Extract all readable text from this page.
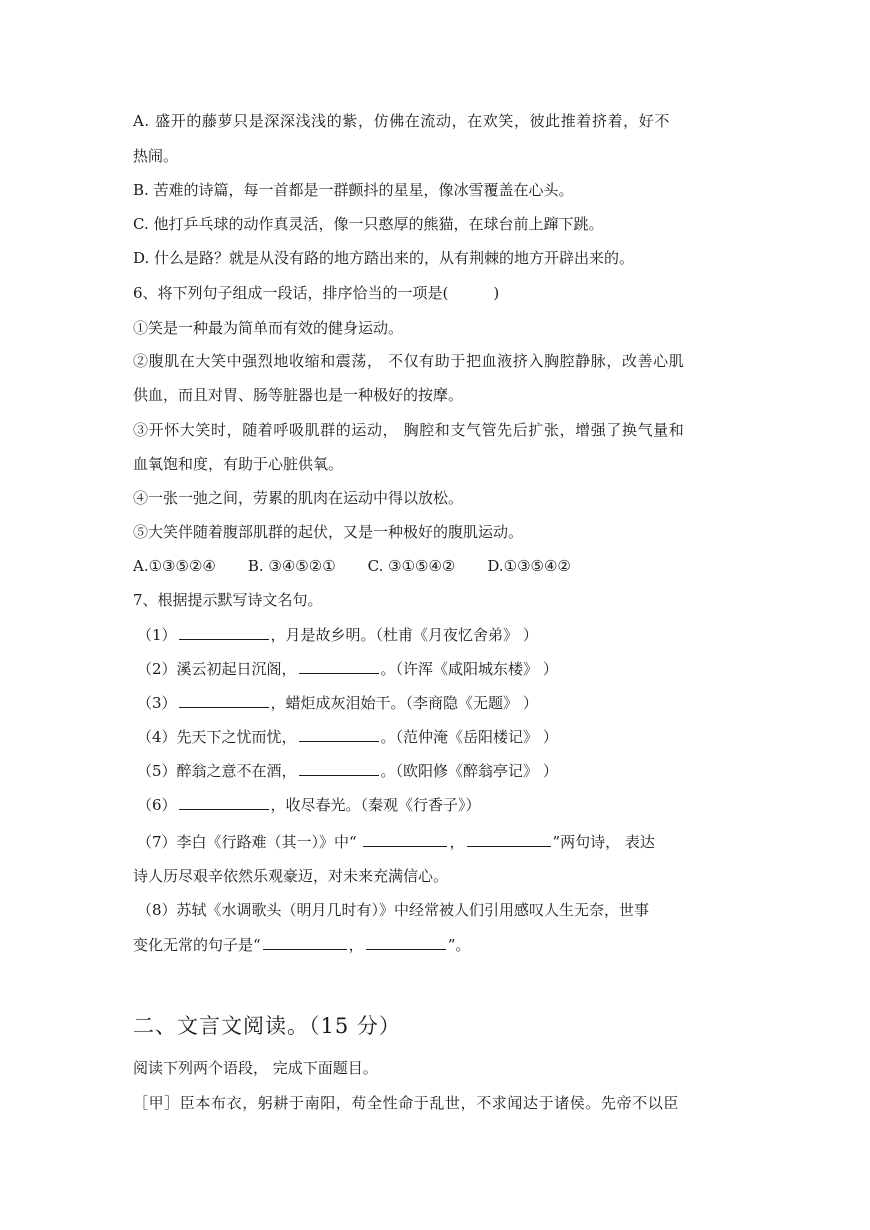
A. 盛开的藤萝只是深深浅浅的紫，仿佛在流动，在欢笑，彼此推着挤着，好不
热闹。
B. 苦难的诗篇，每一首都是一群颤抖的星星，像冰雪覆盖在心头。
C. 他打乒乓球的动作真灵活，像一只憨厚的熊猫，在球台前上蹿下跳。
D. 什么是路？就是从没有路的地方踏出来的，从有荆棘的地方开辟出来的。
6、将下列句子组成一段话，排序恰当的一项是(　　　)
①笑是一种最为简单而有效的健身运动。
②腹肌在大笑中强烈地收缩和震荡， 不仅有助于把血液挤入胸腔静脉，改善心肌
供血，而且对胃、肠等脏器也是一种极好的按摩。
③开怀大笑时，随着呼吸肌群的运动， 胸腔和支气管先后扩张，增强了换气量和
血氧饱和度，有助于心脏供氧。
④一张一弛之间，劳累的肌肉在运动中得以放松。
⑤大笑伴随着腹部肌群的起伏，又是一种极好的腹肌运动。
A.①③⑤②④ B. ③④⑤②① C. ③①⑤④② D.①③⑤④②
7、根据提示默写诗文名句。
（1）	，月是故乡明。（杜甫《月夜忆舍弟》 ）
（2）溪云初起日沉阁，	。（许浑《咸阳城东楼》 ）
（3）	，蜡炬成灰泪始干。（李商隐《无题》 ）
（4）先天下之忧而忧，	。（范仲淹《岳阳楼记》 ）
（5）醉翁之意不在酒，	。（欧阳修《醉翁亭记》 ）
（6）	，收尽春光。（秦观《行香子》）
（7）李白《行路难（其一）》中“	，	”两句诗， 表达
诗人历尽艰辛依然乐观豪迈，对未来充满信心。
（8）苏轼《水调歌头（明月几时有）》中经常被人们引用感叹人生无奈，世事
变化无常的句子是“	，	”。
二、文言文阅读。（15 分）
阅读下列两个语段， 完成下面题目。
［甲］臣本布衣，躬耕于南阳，苟全性命于乱世，不求闻达于诸侯。先帝不以臣
